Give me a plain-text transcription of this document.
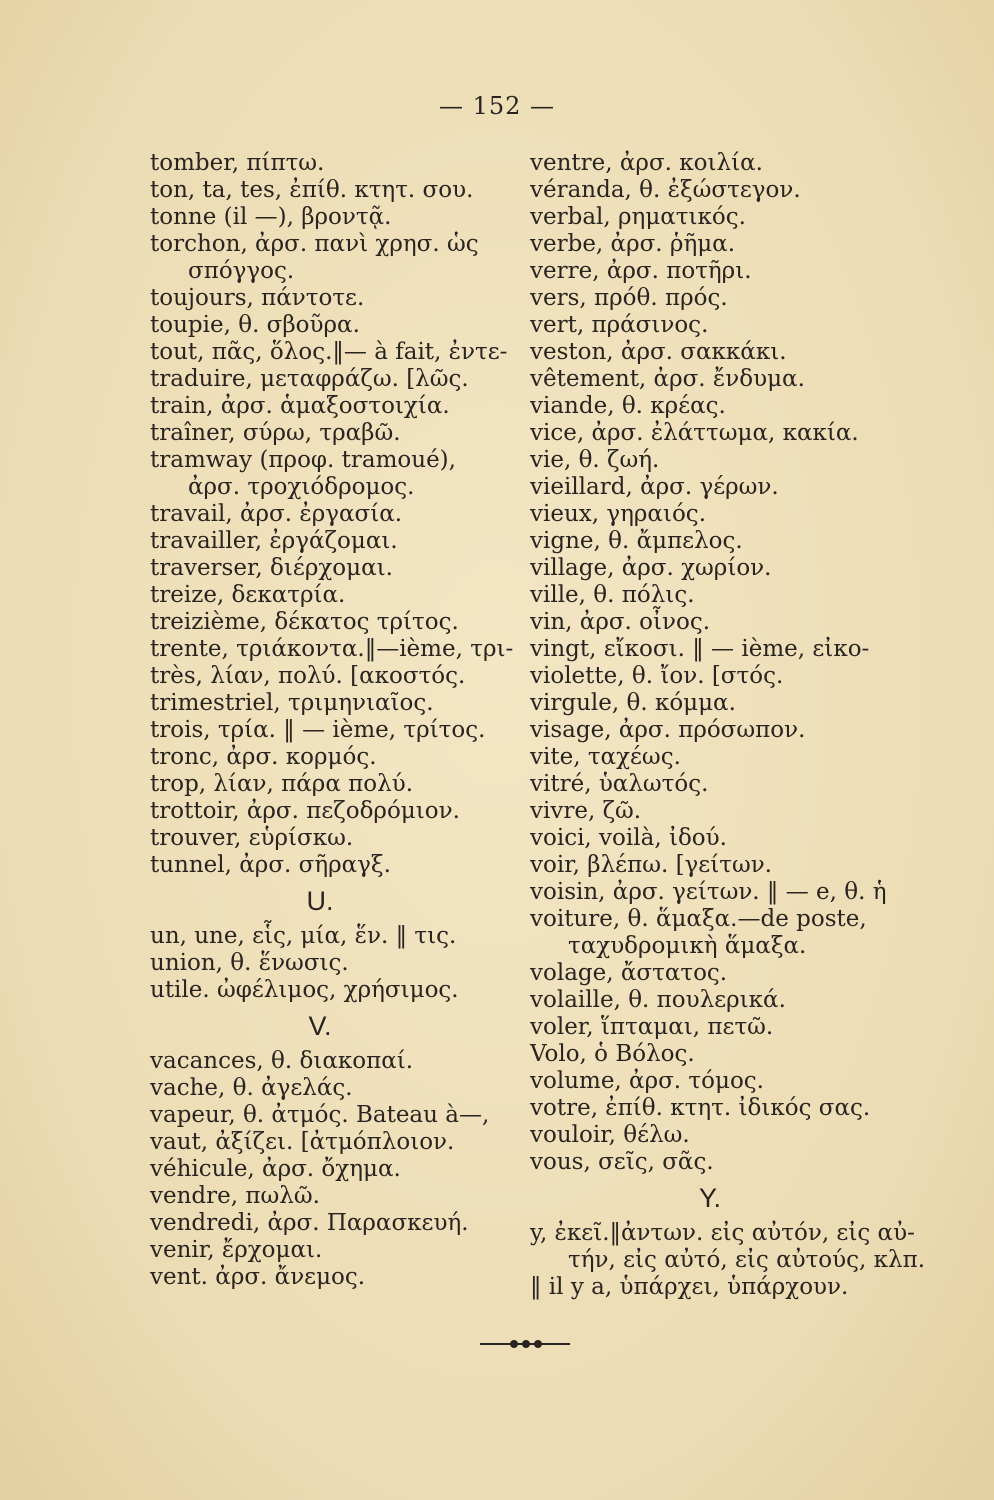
— 152 —
tomber, πίπτω.
ton, ta, tes, ἐπίθ. κτητ. σου.
tonne (il —), βροντᾷ.
torchon, ἀρσ. πανὶ χρησ. ὡς
σπόγγος.
toujours, πάντοτε.
toupie, θ. σβοῦρα.
tout, πᾶς, ὅλος.‖— à fait, ἐντε-
traduire, μεταφράζω. [λῶς.
train, ἀρσ. ἁμαξοστοιχία.
traîner, σύρω, τραβῶ.
tramway (προφ. tramoué),
ἀρσ. τροχιόδρομος.
travail, ἀρσ. ἐργασία.
travailler, ἐργάζομαι.
traverser, διέρχομαι.
treize, δεκατρία.
treizième, δέκατος τρίτος.
trente, τριάκοντα.‖—ième, τρι-
très, λίαν, πολύ. [ακοστός.
trimestriel, τριμηνιαῖος.
trois, τρία. ‖ — ième, τρίτος.
tronc, ἀρσ. κορμός.
trop, λίαν, πάρα πολύ.
trottoir, ἀρσ. πεζοδρόμιον.
trouver, εὑρίσκω.
tunnel, ἀρσ. σῆραγξ.
U.
un, une, εἷς, μία, ἕν. ‖ τις.
union, θ. ἕνωσις.
utile. ὠφέλιμος, χρήσιμος.
V.
vacances, θ. διακοπαί.
vache, θ. ἀγελάς.
vapeur, θ. ἀτμός. Bateau à—,
vaut, ἀξίζει. [ἀτμόπλοιον.
véhicule, ἀρσ. ὄχημα.
vendre, πωλῶ.
vendredi, ἀρσ. Παρασκευή.
venir, ἔρχομαι.
vent. ἀρσ. ἄνεμος.
ventre, ἀρσ. κοιλία.
véranda, θ. ἐξώστεγον.
verbal, ρηματικός.
verbe, ἀρσ. ῥῆμα.
verre, ἀρσ. ποτῆρι.
vers, πρόθ. πρός.
vert, πράσινος.
veston, ἀρσ. σακκάκι.
vêtement, ἀρσ. ἔνδυμα.
viande, θ. κρέας.
vice, ἀρσ. ἐλάττωμα, κακία.
vie, θ. ζωή.
vieillard, ἀρσ. γέρων.
vieux, γηραιός.
vigne, θ. ἄμπελος.
village, ἀρσ. χωρίον.
ville, θ. πόλις.
vin, ἀρσ. οἶνος.
vingt, εἴκοσι. ‖ — ième, εἰκο-
violette, θ. ἴον. [στός.
virgule, θ. κόμμα.
visage, ἀρσ. πρόσωπον.
vite, ταχέως.
vitré, ὑαλωτός.
vivre, ζῶ.
voici, voilà, ἰδού.
voir, βλέπω. [γείτων.
voisin, ἀρσ. γείτων. ‖ — e, θ. ἡ
voiture, θ. ἅμαξα.—de poste,
ταχυδρομικὴ ἅμαξα.
volage, ἄστατος.
volaille, θ. πουλερικά.
voler, ἵπταμαι, πετῶ.
Volo, ὁ Βόλος.
volume, ἀρσ. τόμος.
votre, ἐπίθ. κτητ. ἰδικός σας.
vouloir, θέλω.
vous, σεῖς, σᾶς.
Y.
y, ἐκεῖ.‖ἀντων. εἰς αὐτόν, εἰς αὐ-
τήν, εἰς αὐτό, εἰς αὐτούς, κλπ.
‖ il y a, ὑπάρχει, ὑπάρχουν.
